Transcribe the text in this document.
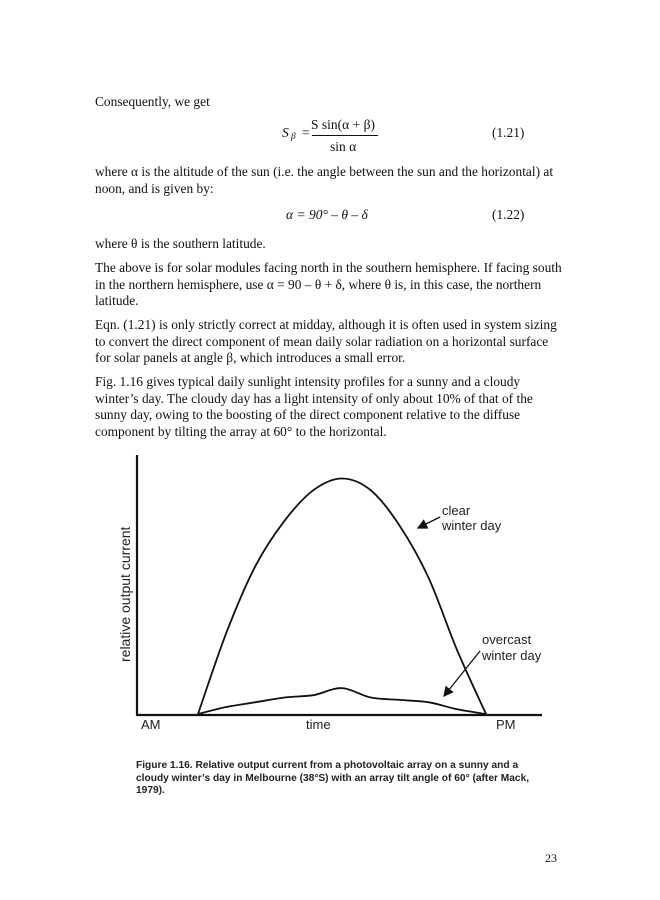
Consequently, we get

S β =
S sin(α + β)
sin α
(1.21)

where α is the altitude of the sun (i.e. the angle between the sun and the horizontal) at noon, and is given by:

α = 90° – θ – δ	(1.22)

where θ is the southern latitude.

The above is for solar modules facing north in the southern hemisphere. If facing south in the northern hemisphere, use α = 90 – θ + δ, where θ is, in this case, the northern latitude.

Eqn. (1.21) is only strictly correct at midday, although it is often used in system sizing to convert the direct component of mean daily solar radiation on a horizontal surface for solar panels at angle β, which introduces a small error.

Fig. 1.16 gives typical daily sunlight intensity profiles for a sunny and a cloudy winter’s day. The cloudy day has a light intensity of only about 10% of that of the sunny day, owing to the boosting of the direct component relative to the diffuse component by tilting the array at 60° to the horizontal.

relative output current
AM	time	PM
clear
winter day
overcast
winter day
Figure 1.16. Relative output current from a photovoltaic array on a sunny and a cloudy winter’s day in Melbourne (38°S) with an array tilt angle of 60° (after Mack, 1979).
23
